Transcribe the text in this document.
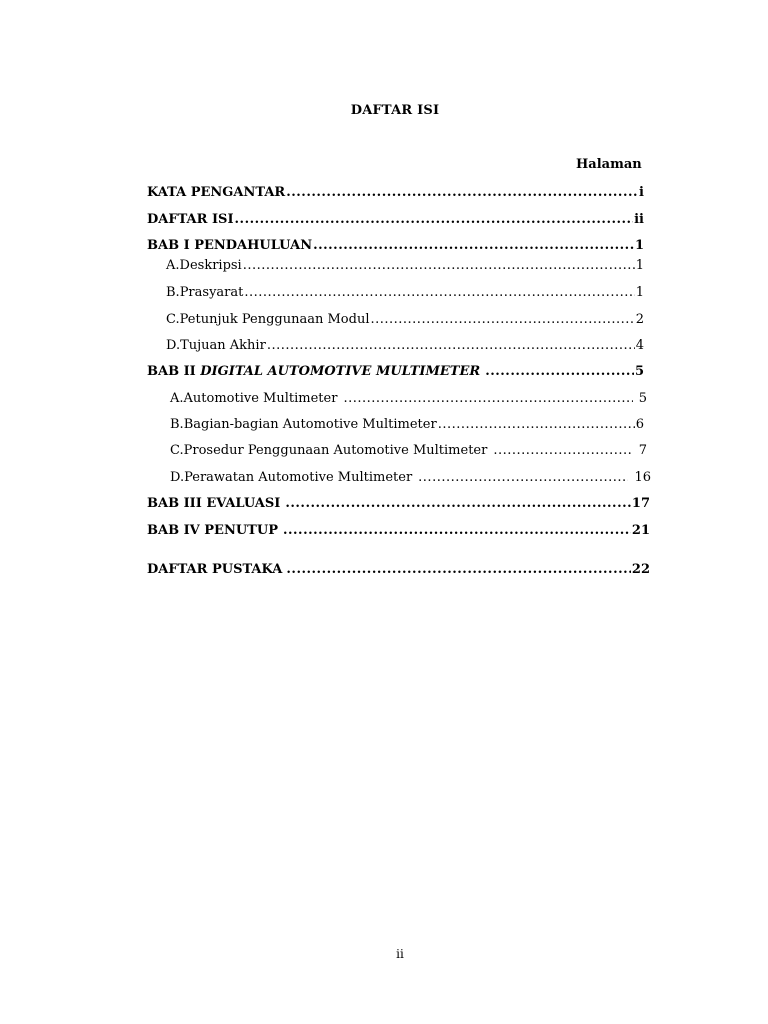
DAFTAR ISI
Halaman
KATA PENGANTAR .....	i
DAFTAR ISI .....	ii
BAB I PENDAHULUAN .....	1
A. Deskripsi .....	1
B. Prasyarat .....	1
C. Petunjuk Penggunaan Modul .....	2
D. Tujuan Akhir .....	4
BAB II DIGITAL AUTOMOTIVE MULTIMETER .....	5
A. Automotive Multimeter .....	5
B. Bagian-bagian Automotive Multimeter .....	6
C. Prosedur Penggunaan Automotive Multimeter .....	7
D. Perawatan Automotive Multimeter .....	16
BAB III EVALUASI .....	17
BAB IV PENUTUP .....	21
DAFTAR PUSTAKA .....	22
ii
